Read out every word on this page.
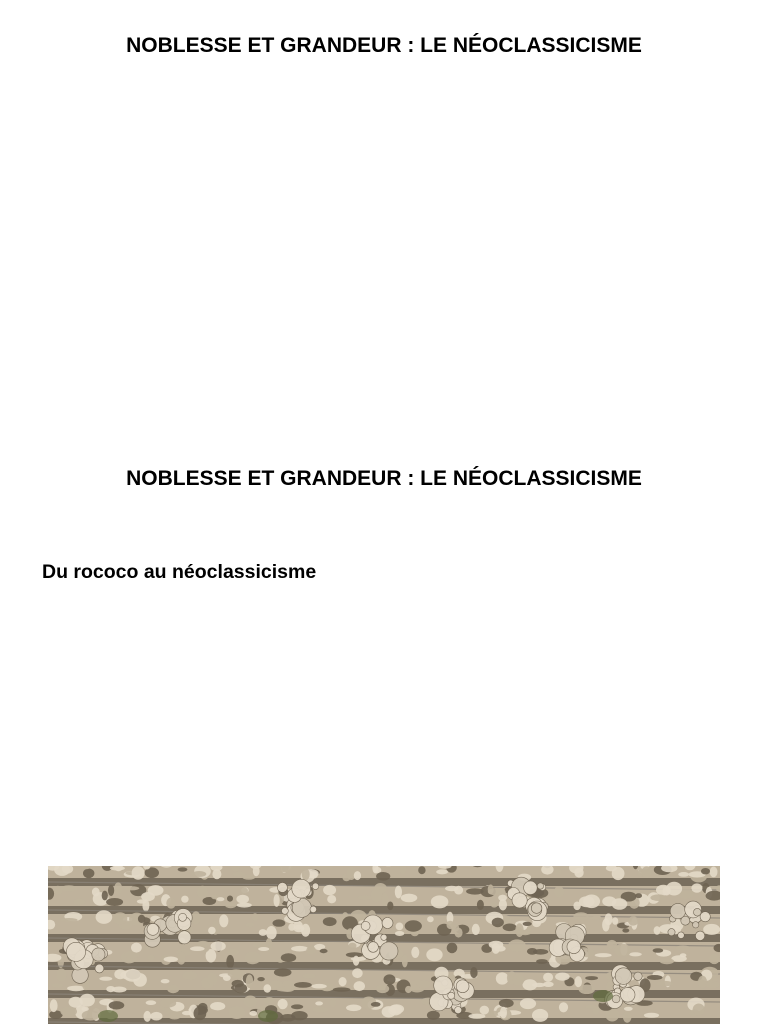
NOBLESSE ET GRANDEUR : LE NÉOCLASSICISME
NOBLESSE ET GRANDEUR : LE NÉOCLASSICISME

Du rococo au néoclassicisme
